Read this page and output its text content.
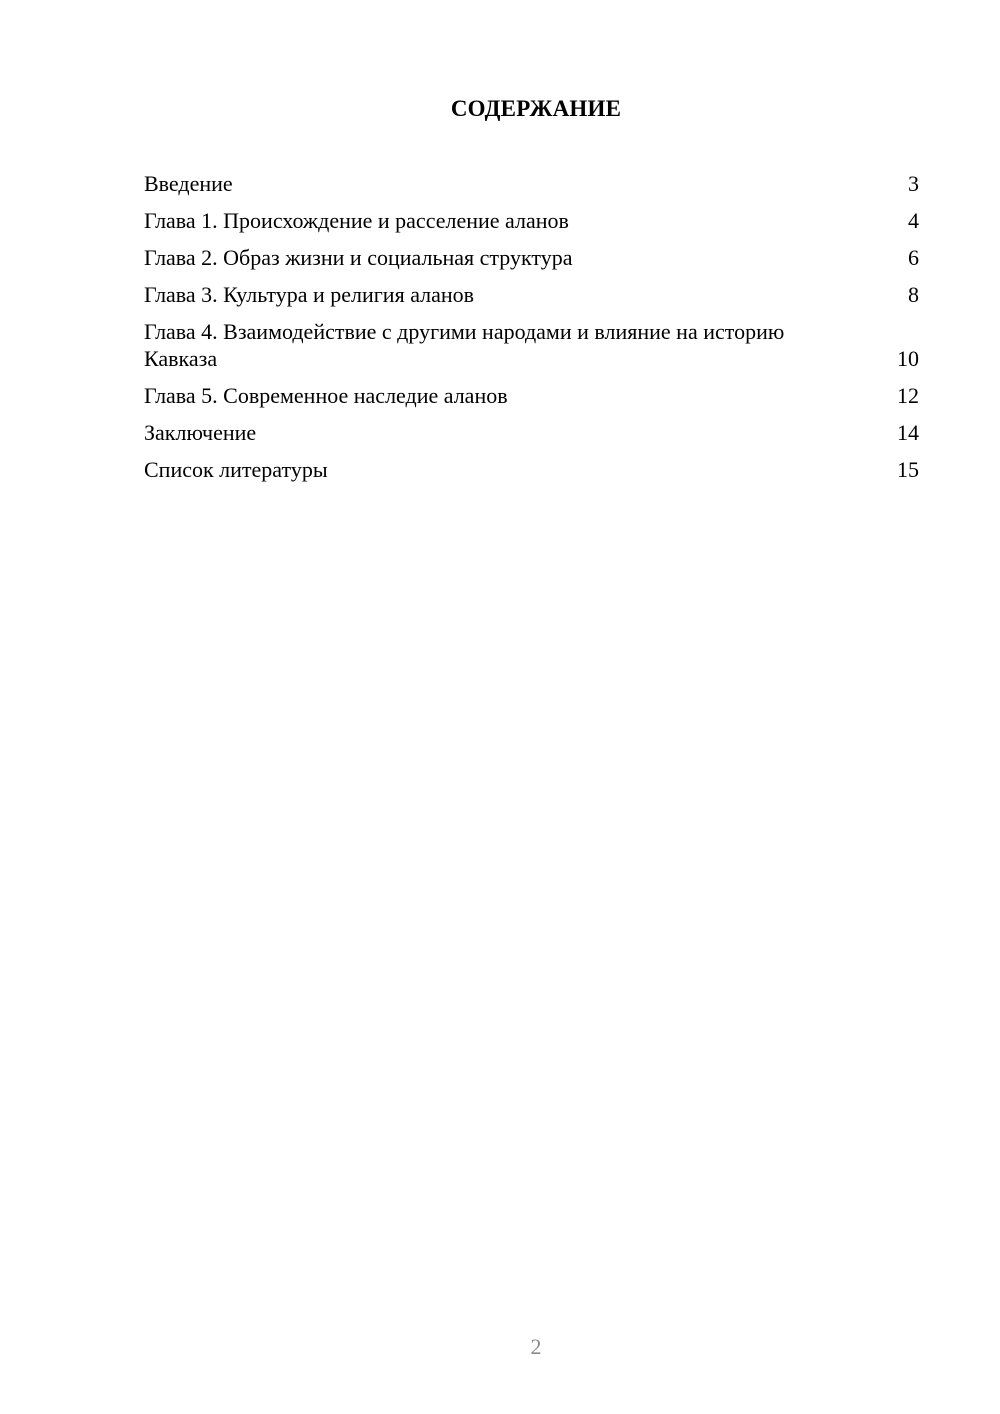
СОДЕРЖАНИЕ
Введение	3
Глава 1. Происхождение и расселение аланов	4
Глава 2. Образ жизни и социальная структура	6
Глава 3. Культура и религия аланов	8
Глава 4. Взаимодействие с другими народами и влияние на историю Кавказа	10
Глава 5. Современное наследие аланов	12
Заключение	14
Список литературы	15
2
